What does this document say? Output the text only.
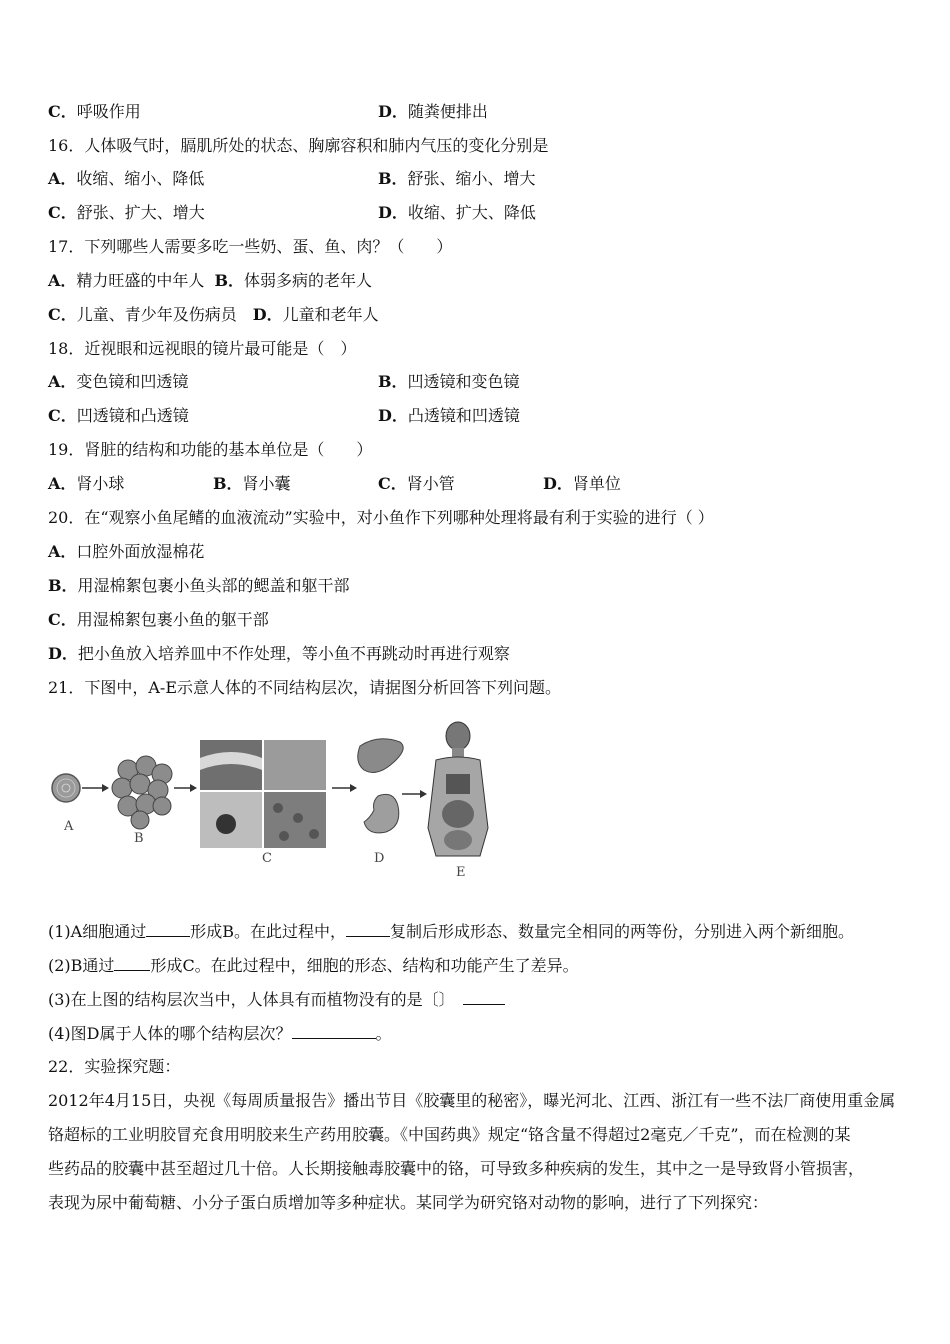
C．呼吸作用	D．随粪便排出
16．人体吸气时，膈肌所处的状态、胸廓容积和肺内气压的变化分别是
A．收缩、缩小、降低	B．舒张、缩小、增大
C．舒张、扩大、增大	D．收缩、扩大、降低
17．下列哪些人需要多吃一些奶、蛋、鱼、肉？（　　）
A．精力旺盛的中年人 B．体弱多病的老年人
C．儿童、青少年及伤病员 D．儿童和老年人
18．近视眼和远视眼的镜片最可能是（　）
A．变色镜和凹透镜	B．凹透镜和变色镜
C．凹透镜和凸透镜	D．凸透镜和凹透镜
19．肾脏的结构和功能的基本单位是（　　）
A．肾小球	B．肾小囊	C．肾小管	D．肾单位
20．在“观察小鱼尾鳍的血液流动”实验中，对小鱼作下列哪种处理将最有利于实验的进行（ ）
A．口腔外面放湿棉花
B．用湿棉絮包裹小鱼头部的鳃盖和躯干部
C．用湿棉絮包裹小鱼的躯干部
D．把小鱼放入培养皿中不作处理，等小鱼不再跳动时再进行观察
21．下图中，A-E示意人体的不同结构层次，请据图分析回答下列问题。
A
B
C	D
E
(1)A细胞通过	形成B。在此过程中，	复制后形成形态、数量完全相同的两等份，分别进入两个新细胞。
(2)B通过 形成C。在此过程中，细胞的形态、结构和功能产生了差异。
(3)在上图的结构层次当中，人体具有而植物没有的是〔〕
(4)图D属于人体的哪个结构层次？	。
22．实验探究题：
2012年4月15日，央视《每周质量报告》播出节目《胶囊里的秘密》，曝光河北、江西、浙江有一些不法厂商使用重金属
铬超标的工业明胶冒充食用明胶来生产药用胶囊。《中国药典》规定“铬含量不得超过2毫克／千克”，而在检测的某
些药品的胶囊中甚至超过几十倍。人长期接触毒胶囊中的铬，可导致多种疾病的发生，其中之一是导致肾小管损害，
表现为尿中葡萄糖、小分子蛋白质增加等多种症状。某同学为研究铬对动物的影响，进行了下列探究：
